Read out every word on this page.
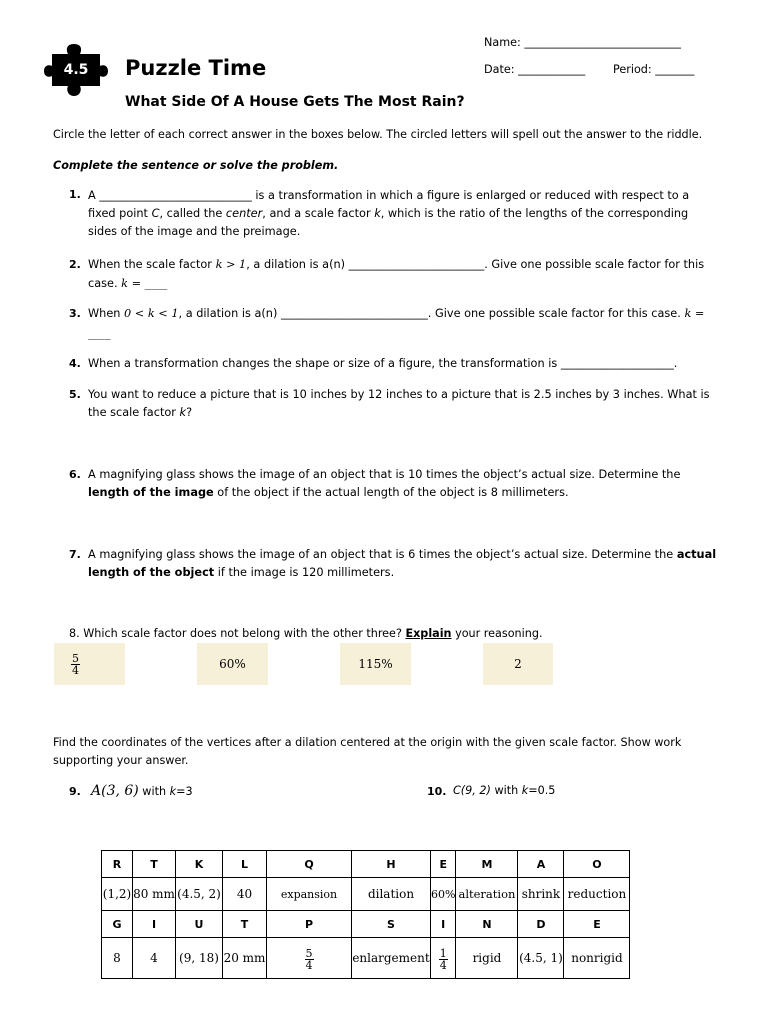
Name: ____________________________
Date: ____________ Period: _______
4.5	Puzzle Time
What Side Of A House Gets The Most Rain?
Circle the letter of each correct answer in the boxes below. The circled letters will spell out the answer to the riddle.
Complete the sentence or solve the problem.
1. A ___________________________ is a transformation in which a figure is enlarged or reduced with respect to a fixed point C, called the center, and a scale factor k, which is the ratio of the lengths of the corresponding sides of the image and the preimage.
2. When the scale factor k > 1, a dilation is a(n) ________________________. Give one possible scale factor for this case. k = ____
3. When 0 < k < 1, a dilation is a(n) __________________________. Give one possible scale factor for this case. k = ____
4. When a transformation changes the shape or size of a figure, the transformation is ____________________.
5. You want to reduce a picture that is 10 inches by 12 inches to a picture that is 2.5 inches by 3 inches. What is the scale factor k?
6. A magnifying glass shows the image of an object that is 10 times the object’s actual size. Determine the length of the image of the object if the actual length of the object is 8 millimeters.
7. A magnifying glass shows the image of an object that is 6 times the object’s actual size. Determine the actual length of the object if the image is 120 millimeters.
8. Which scale factor does not belong with the other three? Explain your reasoning.
$\frac{5}{4}$	60%	115%	2
Find the coordinates of the vertices after a dilation centered at the origin with the given scale factor. Show work supporting your answer.
9. A(3, 6) with k=3	10. C(9, 2) with k=0.5
R	T	K	L	Q	H	E	M	A	O
(1,2)	80 mm	(4.5, 2)	40	expansion	dilation	60%	alteration	shrink	reduction
G	I	U	T	P	S	I	N	D	E
8	4	(9, 18)	20 mm	$\frac{5}{4}$	enlargement	$\frac{1}{4}$	rigid	(4.5, 1)	nonrigid
